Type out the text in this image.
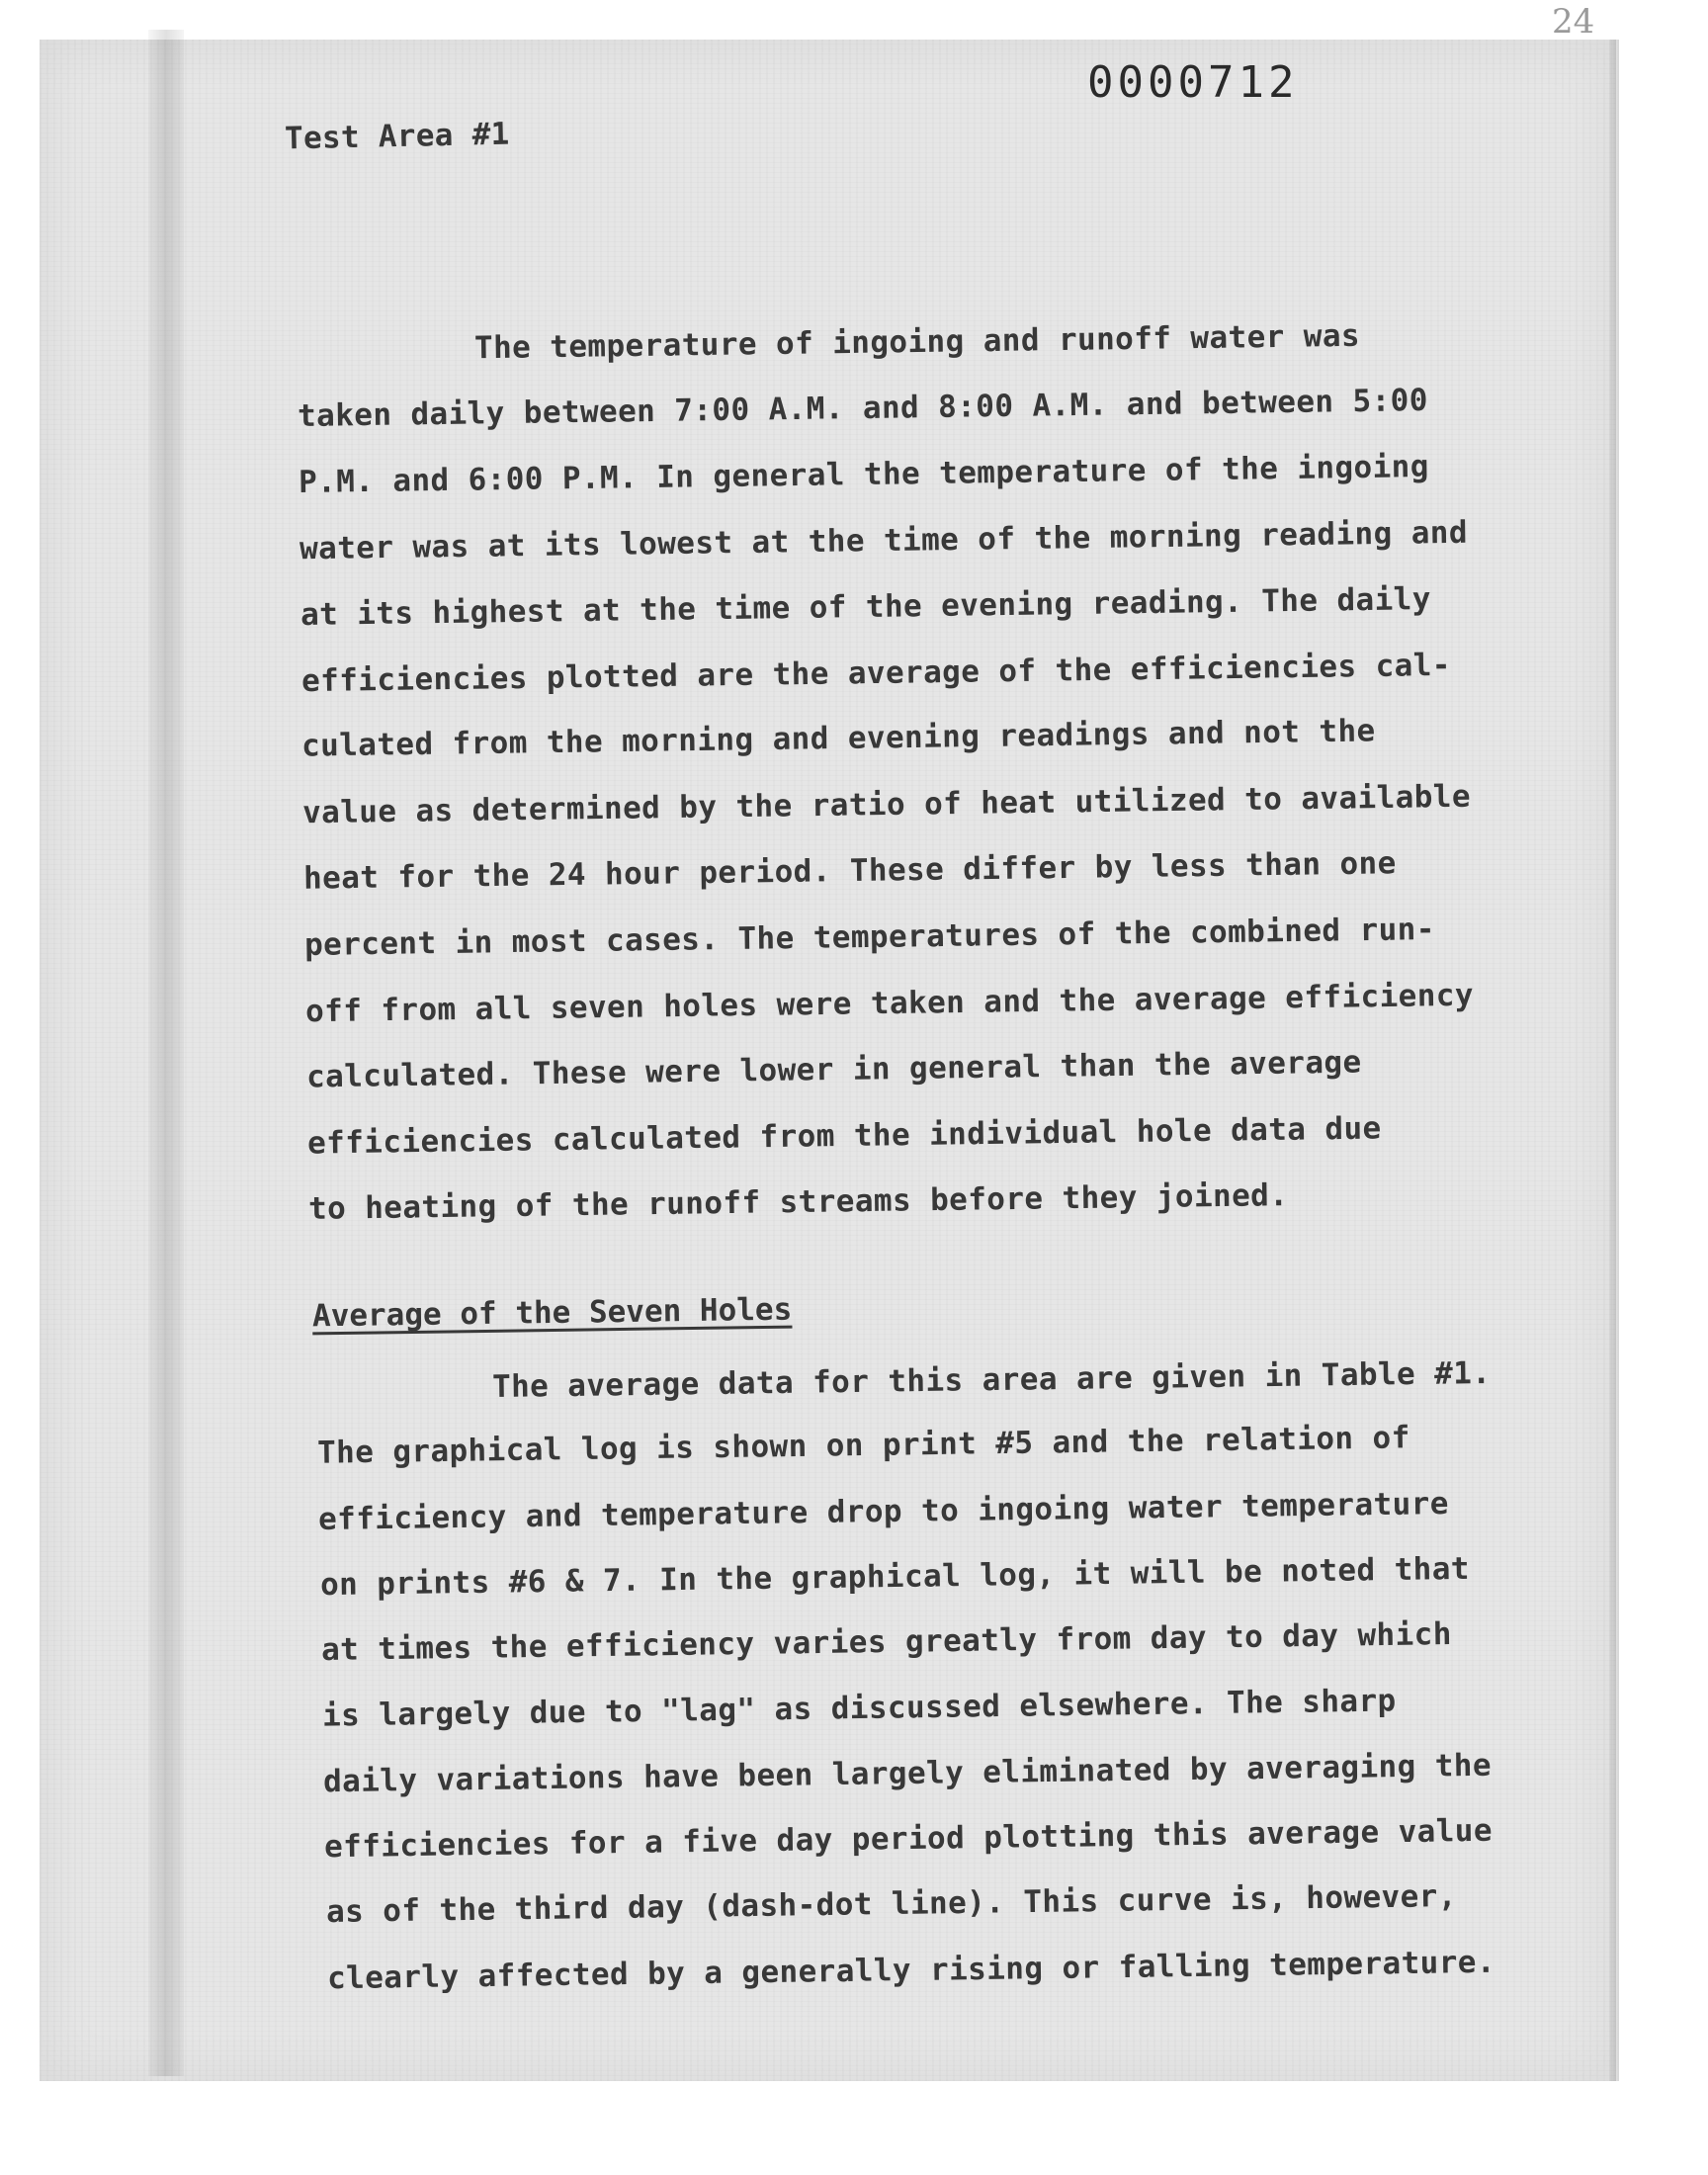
24
0000712
Test Area #1
The temperature of ingoing and runoff water was
taken daily between 7:00 A.M. and 8:00 A.M. and between 5:00
P.M. and 6:00 P.M. In general the temperature of the ingoing
water was at its lowest at the time of the morning reading and
at its highest at the time of the evening reading. The daily
efficiencies plotted are the average of the efficiencies cal-
culated from the morning and evening readings and not the
value as determined by the ratio of heat utilized to available
heat for the 24 hour period. These differ by less than one
percent in most cases. The temperatures of the combined run-
off from all seven holes were taken and the average efficiency
calculated. These were lower in general than the average
efficiencies calculated from the individual hole data due
to heating of the runoff streams before they joined.
Average of the Seven Holes
The average data for this area are given in Table #1.
The graphical log is shown on print #5 and the relation of
efficiency and temperature drop to ingoing water temperature
on prints #6 & 7. In the graphical log, it will be noted that
at times the efficiency varies greatly from day to day which
is largely due to "lag" as discussed elsewhere. The sharp
daily variations have been largely eliminated by averaging the
efficiencies for a five day period plotting this average value
as of the third day (dash-dot line). This curve is, however,
clearly affected by a generally rising or falling temperature.
